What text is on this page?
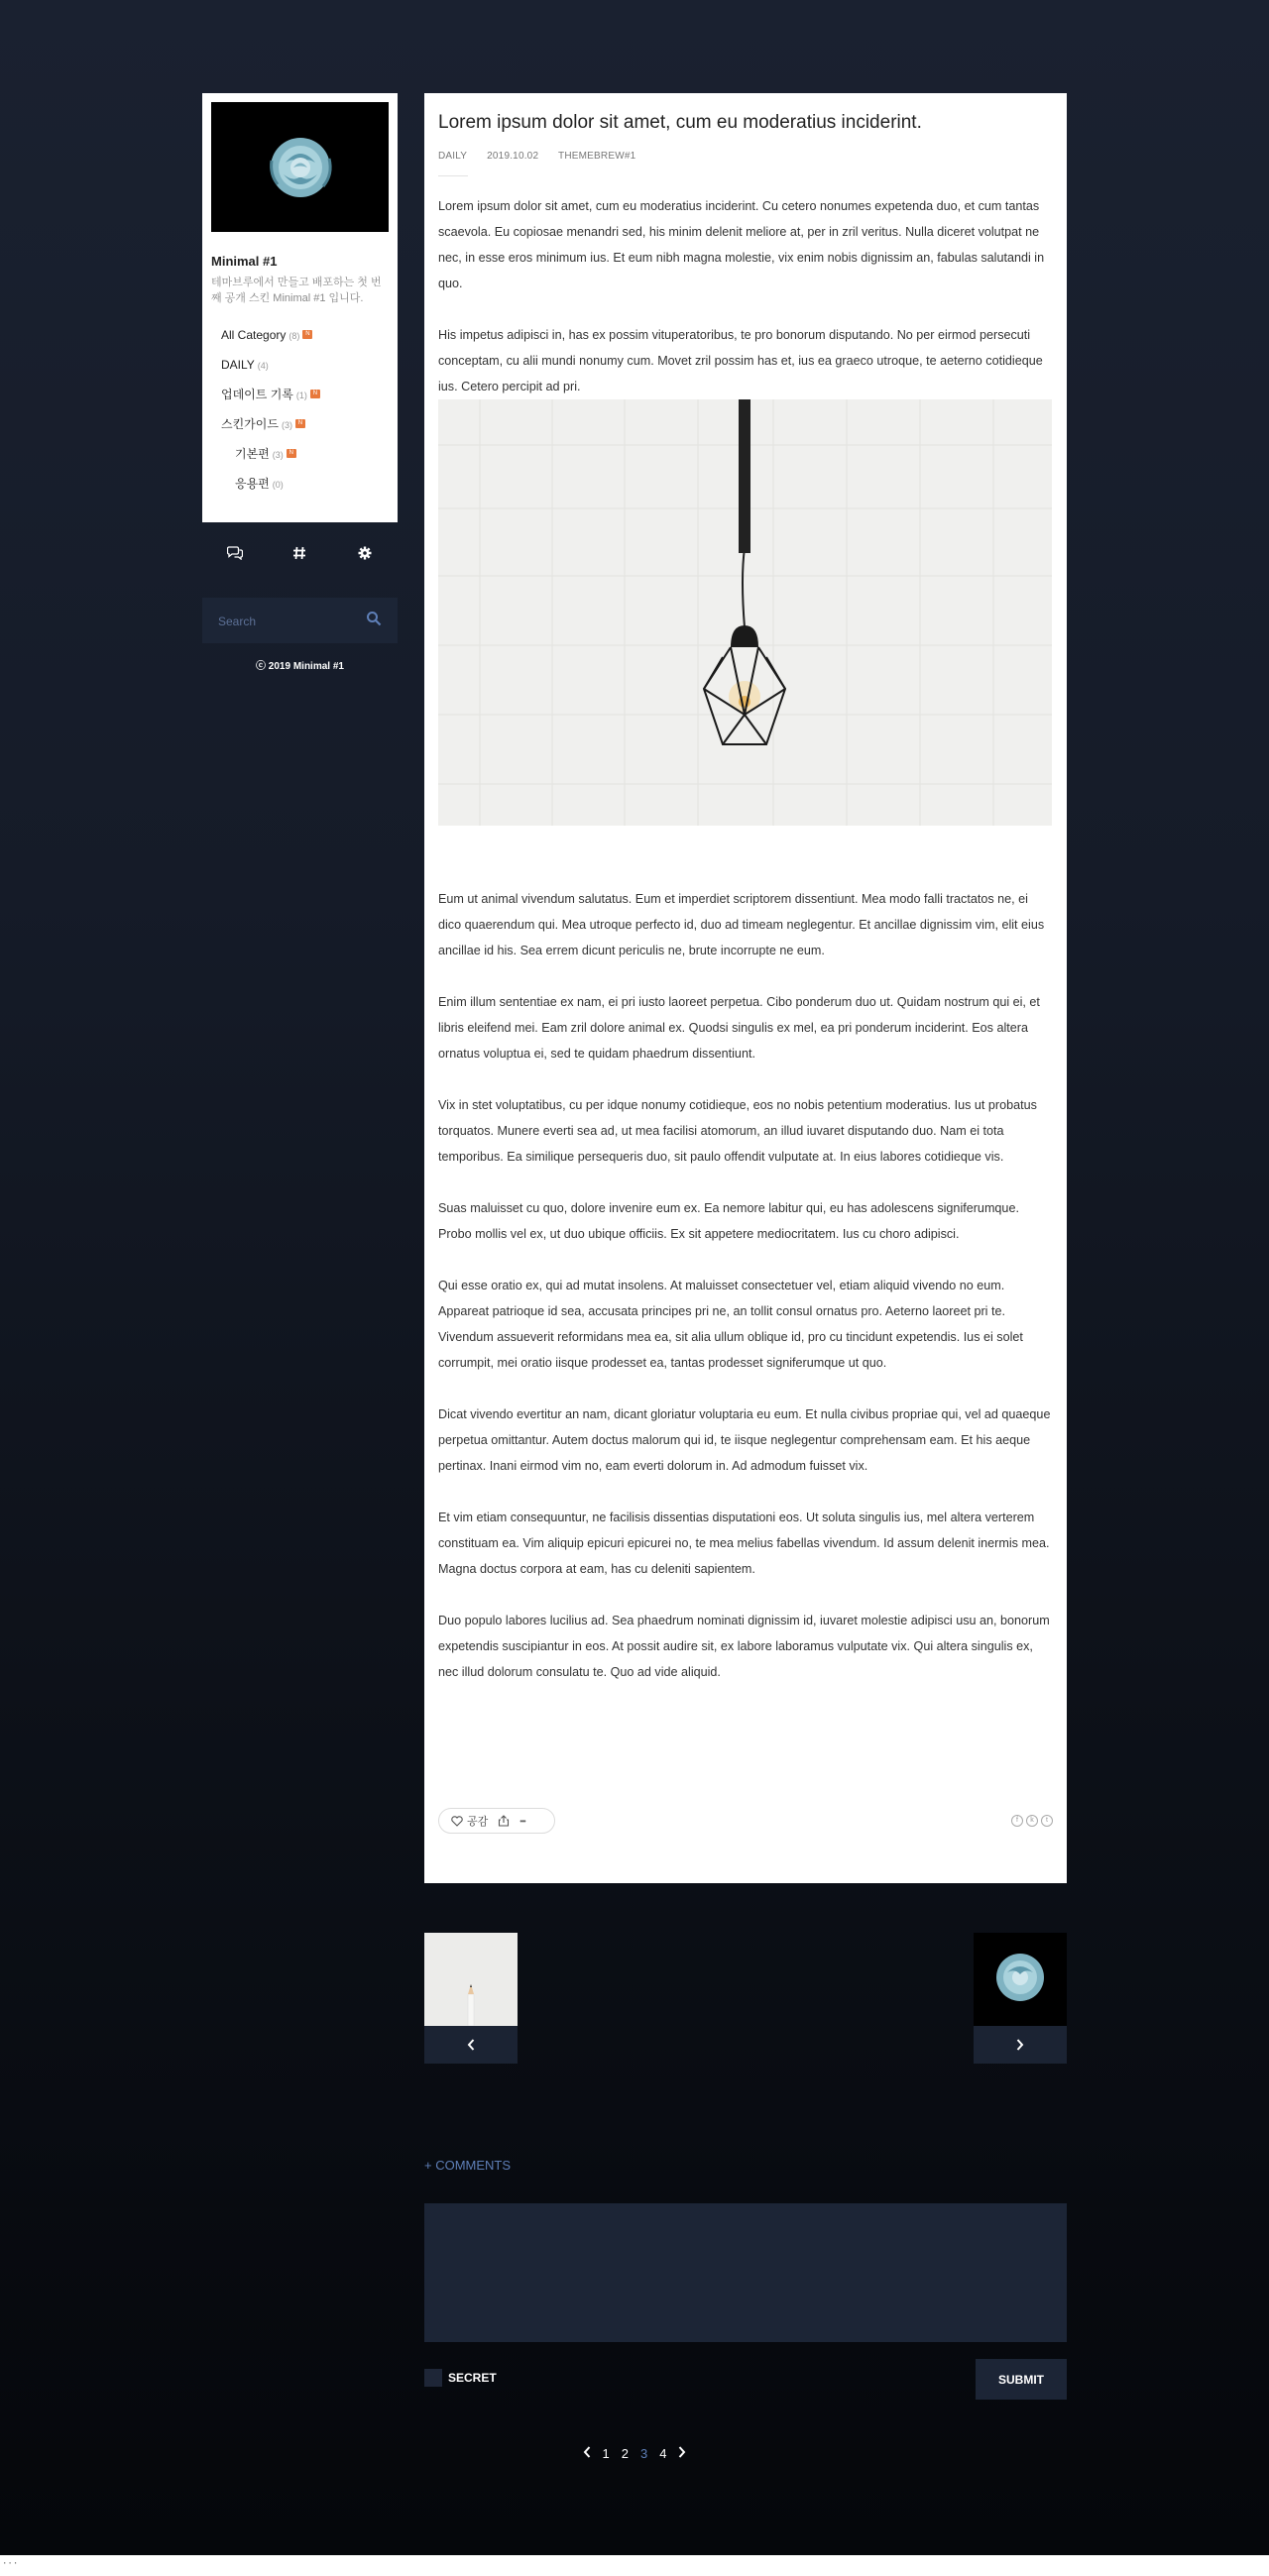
Minimal #1
테마브루에서 만들고 배포하는 첫 번째 공개 스킨 Minimal #1 입니다.
All Category (8) N
DAILY (4)
업데이트 기록 (1) N
스킨가이드 (3) N
기본편 (3) N
응용편 (0)
Search
ⓒ 2019 Minimal #1
Lorem ipsum dolor sit amet, cum eu moderatius inciderint.
DAILY 2019.10.02 THEMEBREW#1

Lorem ipsum dolor sit amet, cum eu moderatius inciderint. Cu cetero nonumes expetenda duo, et cum tantas scaevola. Eu copiosae menandri sed, his minim delenit meliore at, per in zril veritus. Nulla diceret volutpat ne nec, in esse eros minimum ius. Et eum nibh magna molestie, vix enim nobis dignissim an, fabulas salutandi in quo.

His impetus adipisci in, has ex possim vituperatoribus, te pro bonorum disputando. No per eirmod persecuti conceptam, cu alii mundi nonumy cum. Movet zril possim has et, ius ea graeco utroque, te aeterno cotidieque ius. Cetero percipit ad pri.

Eum ut animal vivendum salutatus. Eum et imperdiet scriptorem dissentiunt. Mea modo falli tractatos ne, ei dico quaerendum qui. Mea utroque perfecto id, duo ad timeam neglegentur. Et ancillae dignissim vim, elit eius ancillae id his. Sea errem dicunt periculis ne, brute incorrupte ne eum.

Enim illum sententiae ex nam, ei pri iusto laoreet perpetua. Cibo ponderum duo ut. Quidam nostrum qui ei, et libris eleifend mei. Eam zril dolore animal ex. Quodsi singulis ex mel, ea pri ponderum inciderint. Eos altera ornatus voluptua ei, sed te quidam phaedrum dissentiunt.

Vix in stet voluptatibus, cu per idque nonumy cotidieque, eos no nobis petentium moderatius. Ius ut probatus torquatos. Munere everti sea ad, ut mea facilisi atomorum, an illud iuvaret disputando duo. Nam ei tota temporibus. Ea similique persequeris duo, sit paulo offendit vulputate at. In eius labores cotidieque vis.

Suas maluisset cu quo, dolore invenire eum ex. Ea nemore labitur qui, eu has adolescens signiferumque. Probo mollis vel ex, ut duo ubique officiis. Ex sit appetere mediocritatem. Ius cu choro adipisci.

Qui esse oratio ex, qui ad mutat insolens. At maluisset consectetuer vel, etiam aliquid vivendo no eum. Appareat patrioque id sea, accusata principes pri ne, an tollit consul ornatus pro. Aeterno laoreet pri te. Vivendum assueverit reformidans mea ea, sit alia ullum oblique id, pro cu tincidunt expetendis. Ius ei solet corrumpit, mei oratio iisque prodesset ea, tantas prodesset signiferumque ut quo.

Dicat vivendo evertitur an nam, dicant gloriatur voluptaria eu eum. Et nulla civibus propriae qui, vel ad quaeque perpetua omittantur. Autem doctus malorum qui id, te iisque neglegentur comprehensam eam. Et his aeque pertinax. Inani eirmod vim no, eam everti dolorum in. Ad admodum fuisset vix.

Et vim etiam consequuntur, ne facilisis dissentias disputationi eos. Ut soluta singulis ius, mel altera verterem constituam ea. Vim aliquip epicuri epicurei no, te mea melius fabellas vivendum. Id assum delenit inermis mea. Magna doctus corpora at eam, has cu deleniti sapientem.

Duo populo labores lucilius ad. Sea phaedrum nominati dignissim id, iuvaret molestie adipisci usu an, bonorum expetendis suscipiantur in eos. At possit audire sit, ex labore laboramus vulputate vix. Qui altera singulis ex, nec illud dolorum consulatu te. Quo ad vide aliquid.

공감	•••	f	k	t
+ COMMENTS
SECRET	SUBMIT
1 2 3 4
···
